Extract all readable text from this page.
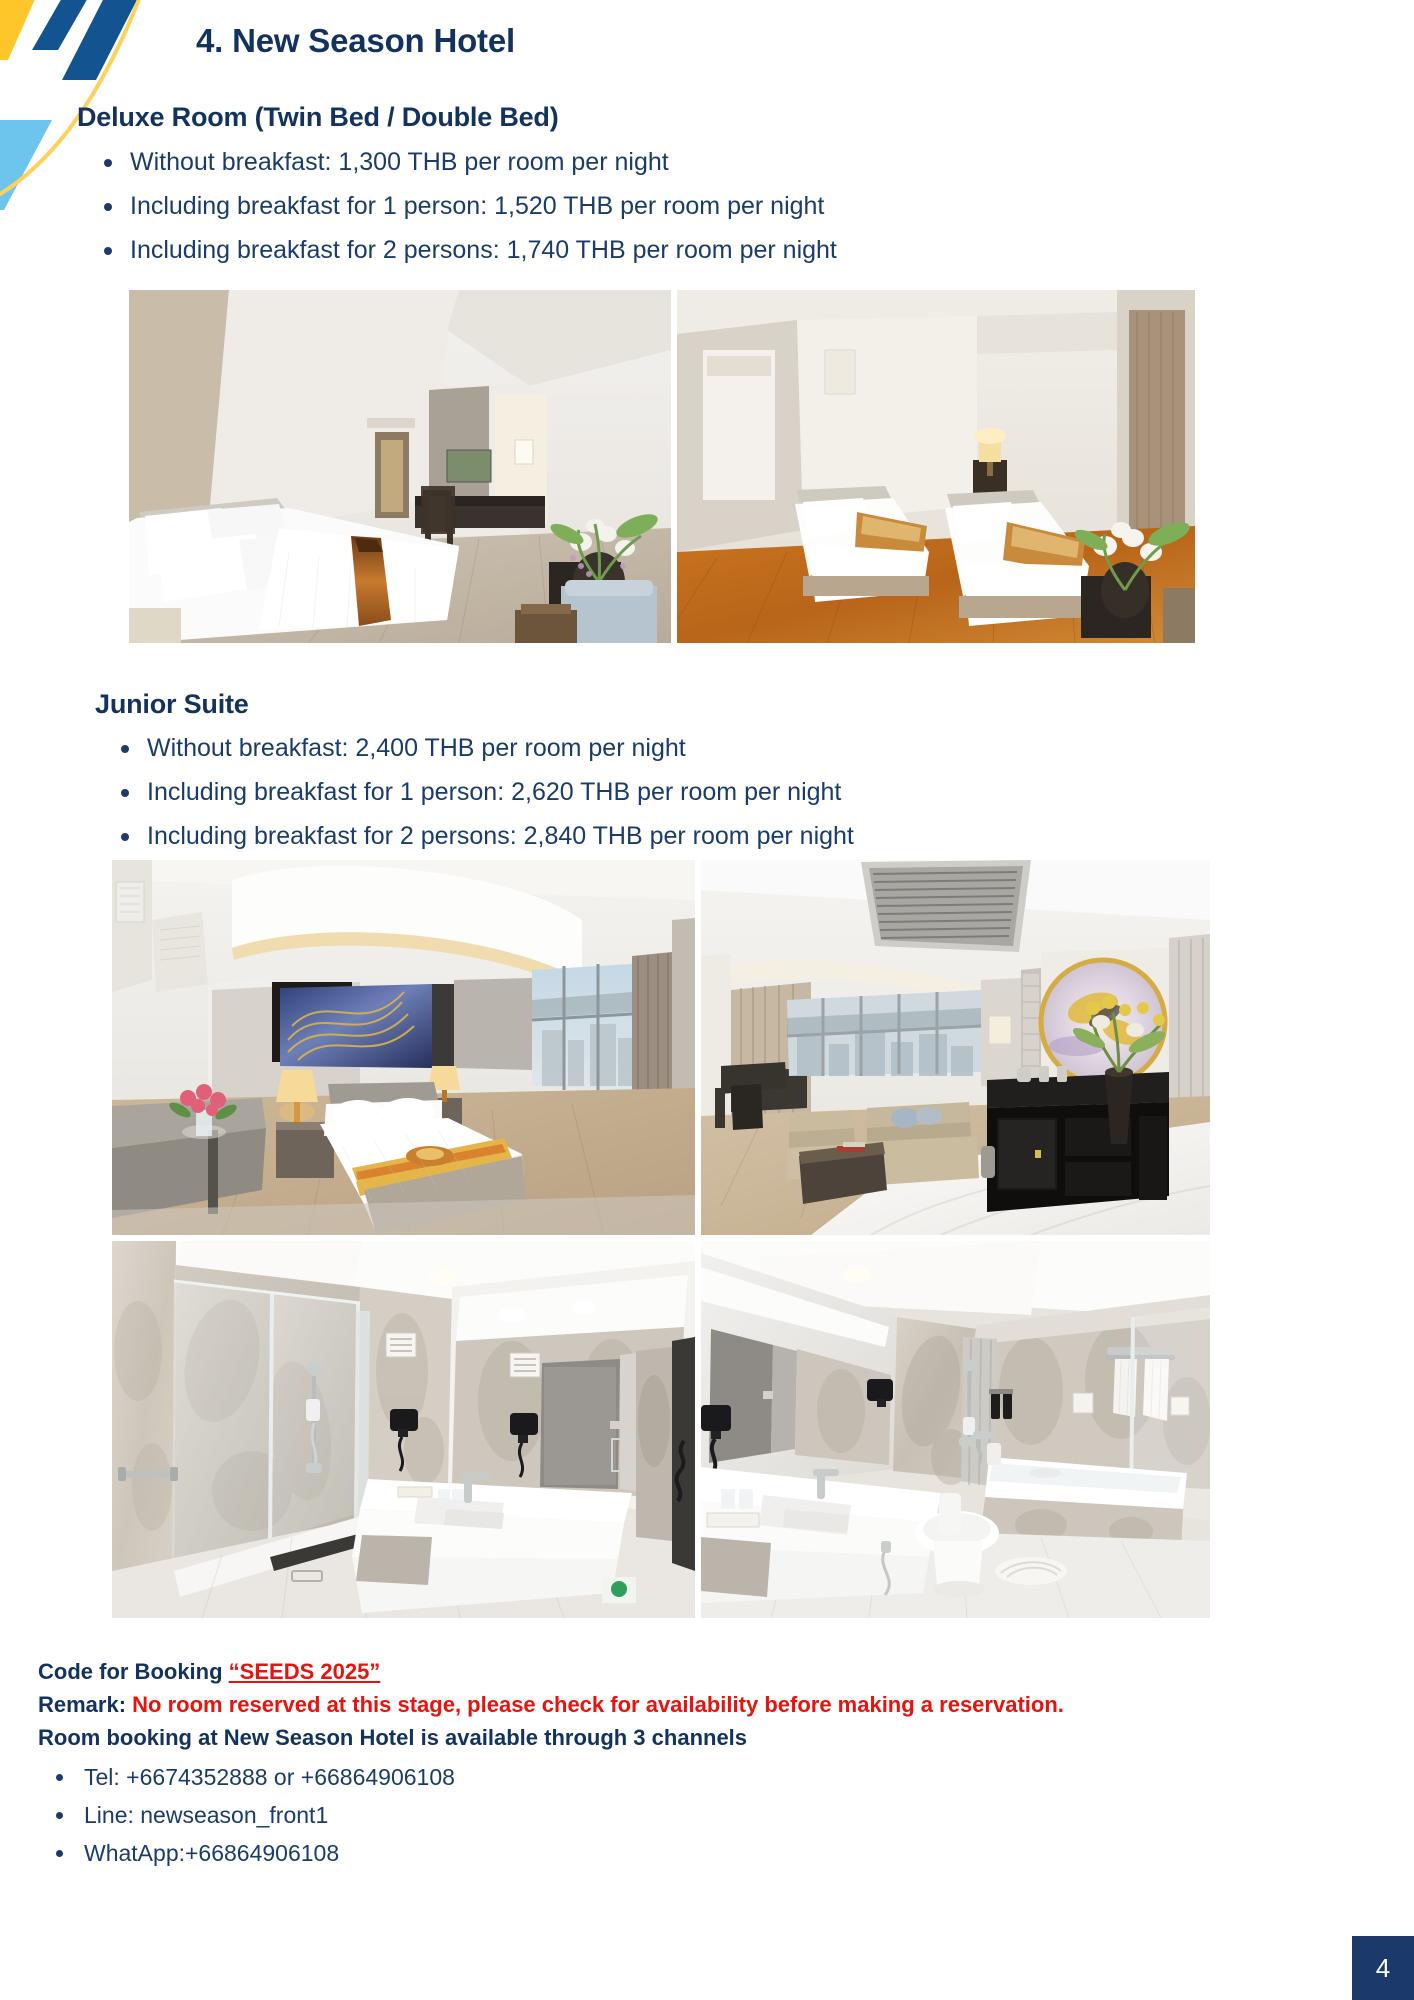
4. New Season Hotel
Deluxe Room (Twin Bed / Double Bed)
Without breakfast: 1,300 THB per room per night
Including breakfast for 1 person: 1,520 THB per room per night
Including breakfast for 2 persons: 1,740 THB per room per night
Junior Suite
Without breakfast: 2,400 THB per room per night
Including breakfast for 1 person: 2,620 THB per room per night
Including breakfast for 2 persons: 2,840 THB per room per night
Code for Booking “SEEDS 2025”
Remark: No room reserved at this stage, please check for availability before making a reservation.
Room booking at New Season Hotel is available through 3 channels
Tel: +6674352888 or +66864906108
Line: newseason_front1
WhatApp:+66864906108
4
